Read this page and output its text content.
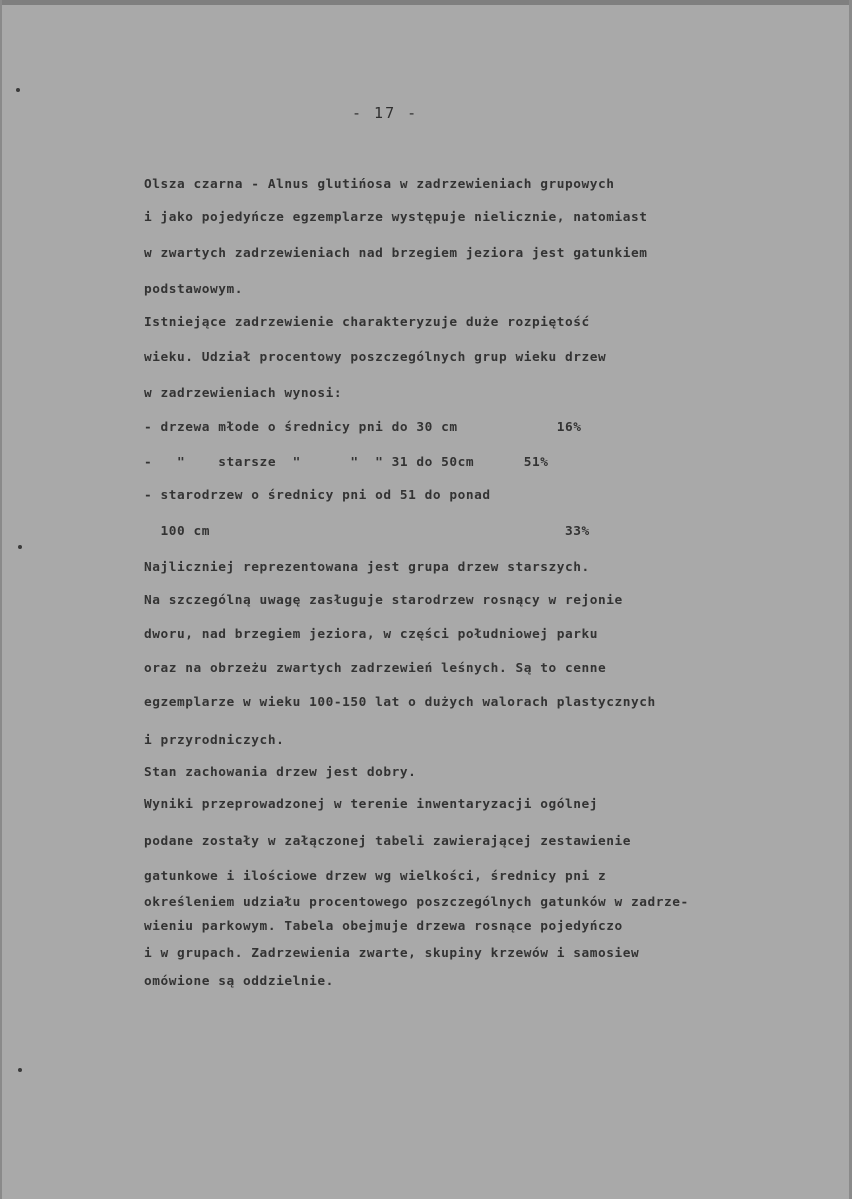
- 17 -
Olsza czarna - Alnus glutińosa w zadrzewieniach grupowych
i jako pojedyńcze egzemplarze występuje nielicznie, natomiast
w zwartych zadrzewieniach nad brzegiem jeziora jest gatunkiem
podstawowym.
Istniejące zadrzewienie charakteryzuje duże rozpiętość
wieku. Udział procentowy poszczególnych grup wieku drzew
w zadrzewieniach wynosi:
- drzewa młode o średnicy pni do 30 cm            16%
-   "    starsze  "      "  " 31 do 50cm      51%
- starodrzew o średnicy pni od 51 do ponad
100 cm                                           33%
Najliczniej reprezentowana jest grupa drzew starszych.
Na szczególną uwagę zasługuje starodrzew rosnący w rejonie
dworu, nad brzegiem jeziora, w części południowej parku
oraz na obrzeżu zwartych zadrzewień leśnych. Są to cenne
egzemplarze w wieku 100-150 lat o dużych walorach plastycznych
i przyrodniczych.
Stan zachowania drzew jest dobry.
Wyniki przeprowadzonej w terenie inwentaryzacji ogólnej
podane zostały w załączonej tabeli zawierającej zestawienie
gatunkowe i ilościowe drzew wg wielkości, średnicy pni z
określeniem udziału procentowego poszczególnych gatunków w zadrze-
wieniu parkowym. Tabela obejmuje drzewa rosnące pojedyńczo
i w grupach. Zadrzewienia zwarte, skupiny krzewów i samosiew
omówione są oddzielnie.
